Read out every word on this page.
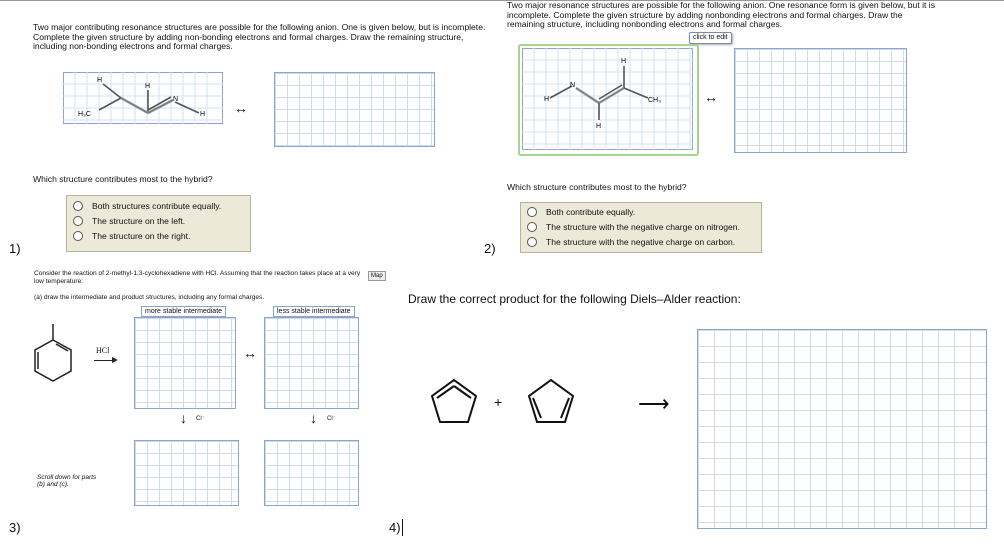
Two major contributing resonance structures are possible for the following anion. One is given below, but is incomplete. Complete the given structure by adding non-bonding electrons and formal charges. Draw the remaining structure, including non-bonding electrons and formal charges.
H
H
H₃C
N
H ↔
Which structure contributes most to the hybrid?
Both structures contribute equally.
The structure on the left.
The structure on the right.
1)
Two major resonance structures are possible for the following anion. One resonance form is given below, but it is incomplete. Complete the given structure by adding nonbonding electrons and formal charges. Draw the remaining structure, including nonbonding electrons and formal charges.
click to edit
H
N
H
CH₃
H
↔
Which structure contributes most to the hybrid?
Both contribute equally.
The structure with the negative charge on nitrogen.
The structure with the negative charge on carbon.
2)
Consider the reaction of 2-methyl-1,3-cyclohexadiene with HCl. Assuming that the reaction takes place at a very low temperature:
Map
(a) draw the intermediate and product structures, including any formal charges.
more stable intermediate	less stable intermediate
HCl	↔
↓ Cl⁻	↓ Cl⁻
Scroll down for parts (b) and (c).
3)
Draw the correct product for the following Diels–Alder reaction:
+	⟶
4)
